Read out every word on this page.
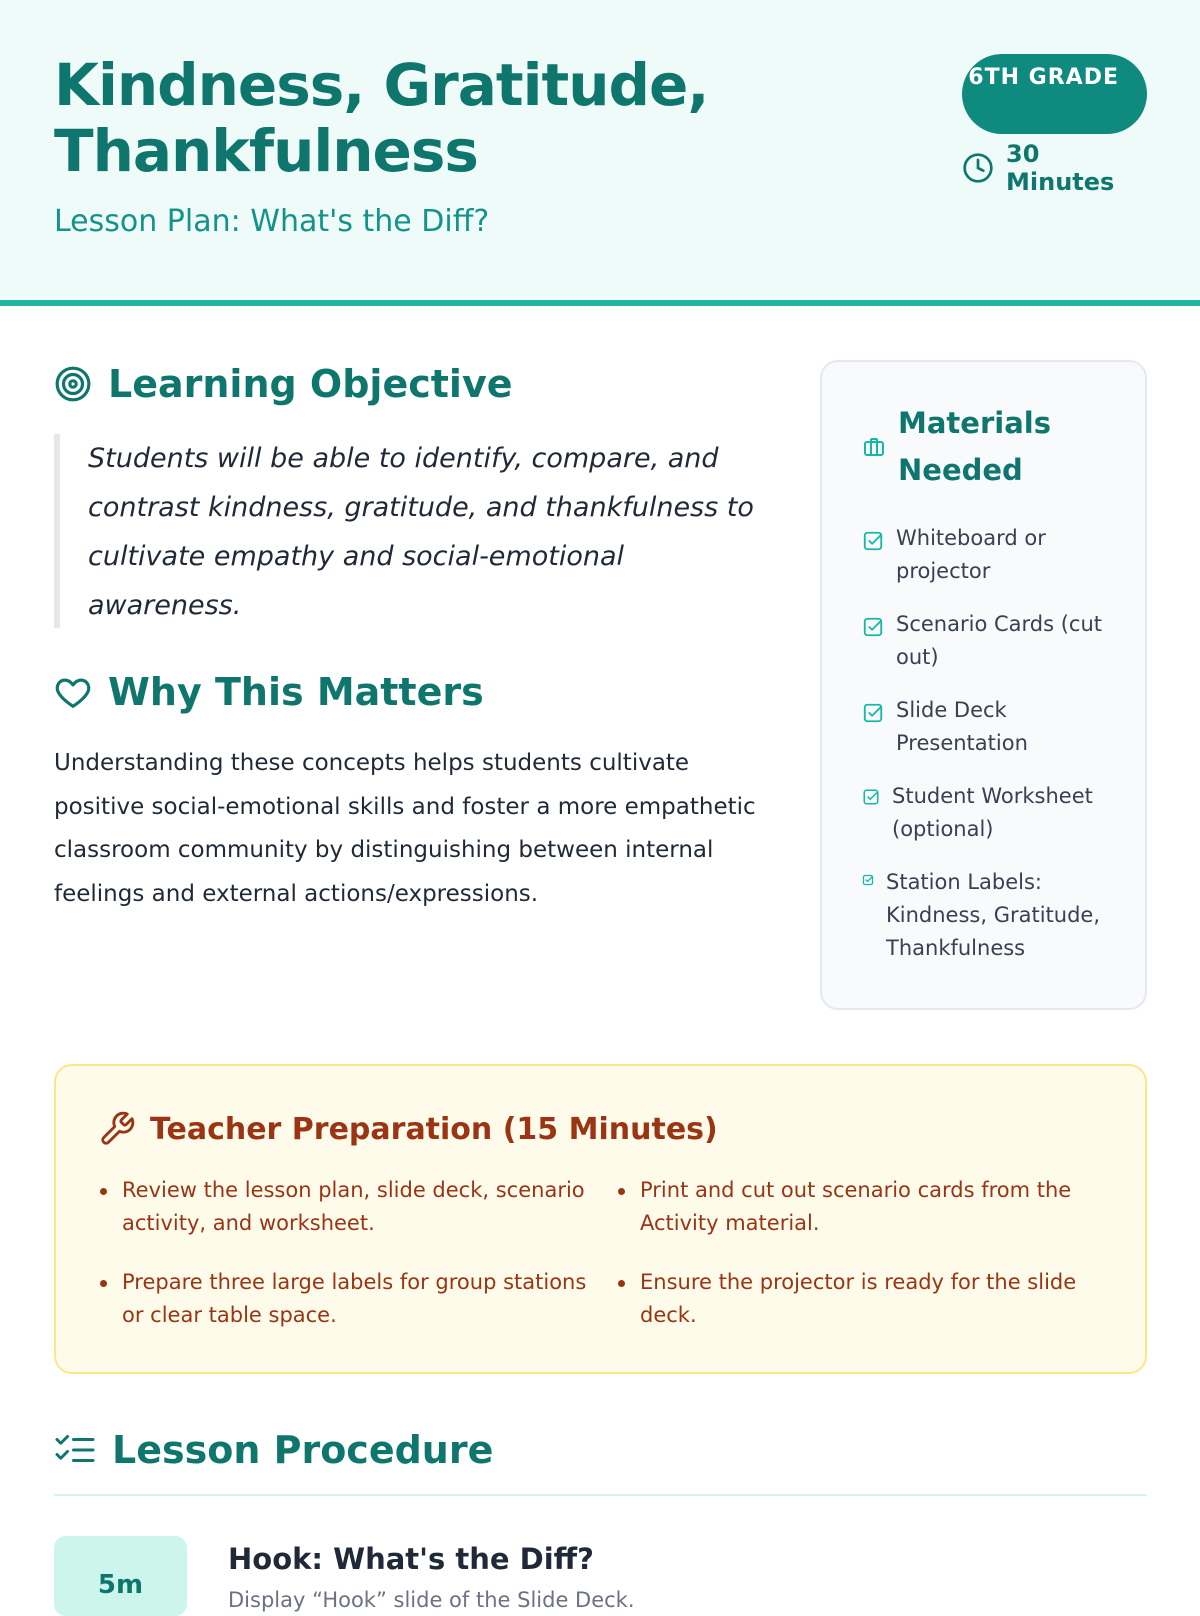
Kindness, Gratitude, Thankfulness
Lesson Plan: What's the Diff?
6TH GRADE
30 Minutes
Learning Objective
Students will be able to identify, compare, and contrast kindness, gratitude, and thankfulness to cultivate empathy and social-emotional awareness.
Why This Matters

Understanding these concepts helps students cultivate positive social-emotional skills and foster a more empathetic classroom community by distinguishing between internal feelings and external actions/expressions.

Materials Needed
Whiteboard or projector
Scenario Cards (cut out)
Slide Deck Presentation
Student Worksheet (optional)
Station Labels: Kindness, Gratitude, Thankfulness
Teacher Preparation (15 Minutes)
Review the lesson plan, slide deck, scenario activity, and worksheet.
Print and cut out scenario cards from the Activity material.
Prepare three large labels for group stations or clear table space.
Ensure the projector is ready for the slide deck.
Lesson Procedure
5m
Hook: What's the Diff?
Display “Hook” slide of the Slide Deck.
